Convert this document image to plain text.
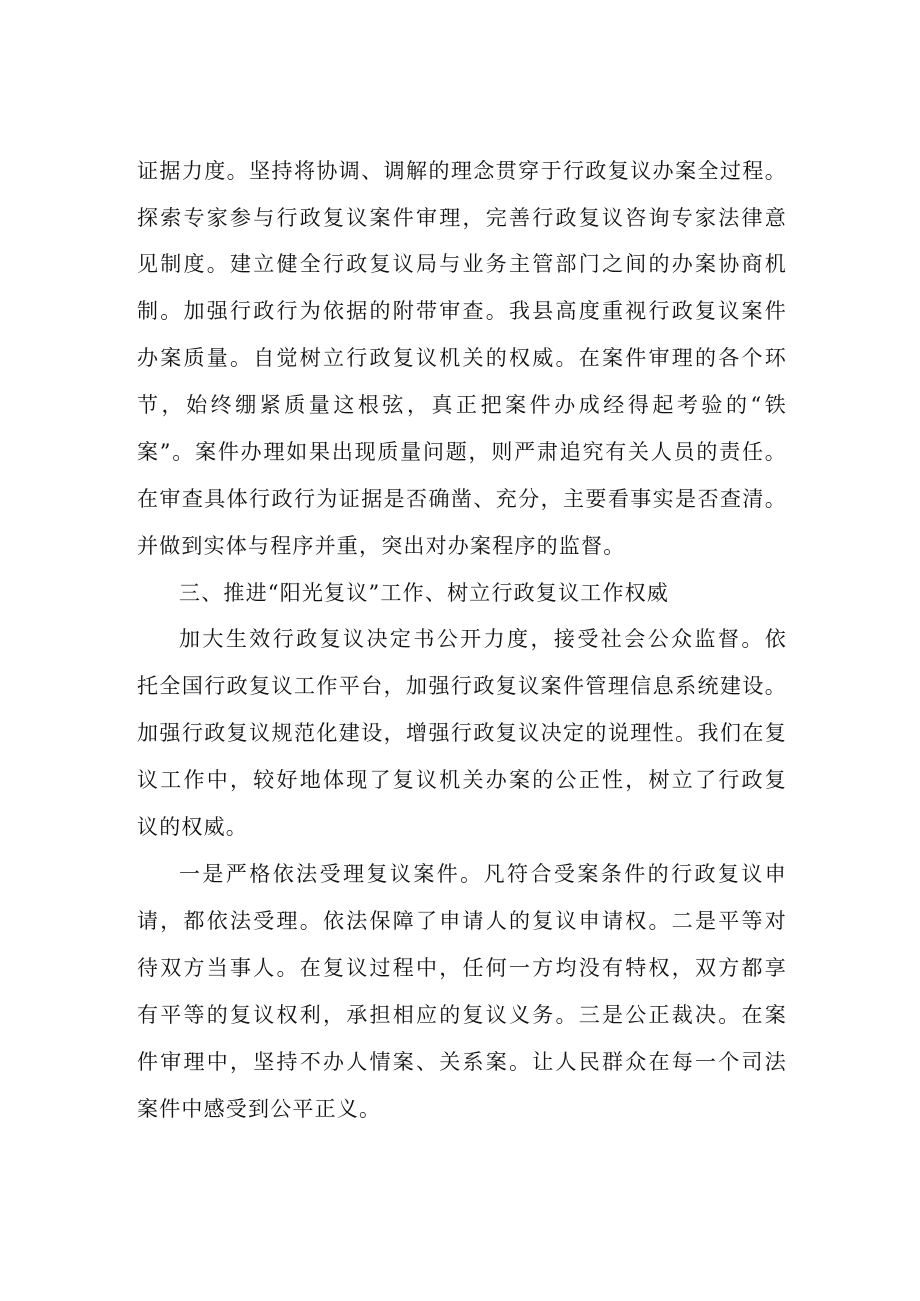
证据力度。坚持将协调、调解的理念贯穿于行政复议办案全过程。
探索专家参与行政复议案件审理，完善行政复议咨询专家法律意
见制度。建立健全行政复议局与业务主管部门之间的办案协商机
制。加强行政行为依据的附带审查。我县高度重视行政复议案件
办案质量。自觉树立行政复议机关的权威。在案件审理的各个环
节，始终绷紧质量这根弦，真正把案件办成经得起考验的“铁
案”。案件办理如果出现质量问题，则严肃追究有关人员的责任。
在审查具体行政行为证据是否确凿、充分，主要看事实是否查清。
并做到实体与程序并重，突出对办案程序的监督。
三、推进“阳光复议”工作、树立行政复议工作权威
加大生效行政复议决定书公开力度，接受社会公众监督。依
托全国行政复议工作平台，加强行政复议案件管理信息系统建设。
加强行政复议规范化建设，增强行政复议决定的说理性。我们在复
议工作中，较好地体现了复议机关办案的公正性，树立了行政复
议的权威。
一是严格依法受理复议案件。凡符合受案条件的行政复议申
请，都依法受理。依法保障了申请人的复议申请权。二是平等对
待双方当事人。在复议过程中，任何一方均没有特权，双方都享
有平等的复议权利，承担相应的复议义务。三是公正裁决。在案
件审理中，坚持不办人情案、关系案。让人民群众在每一个司法
案件中感受到公平正义。
